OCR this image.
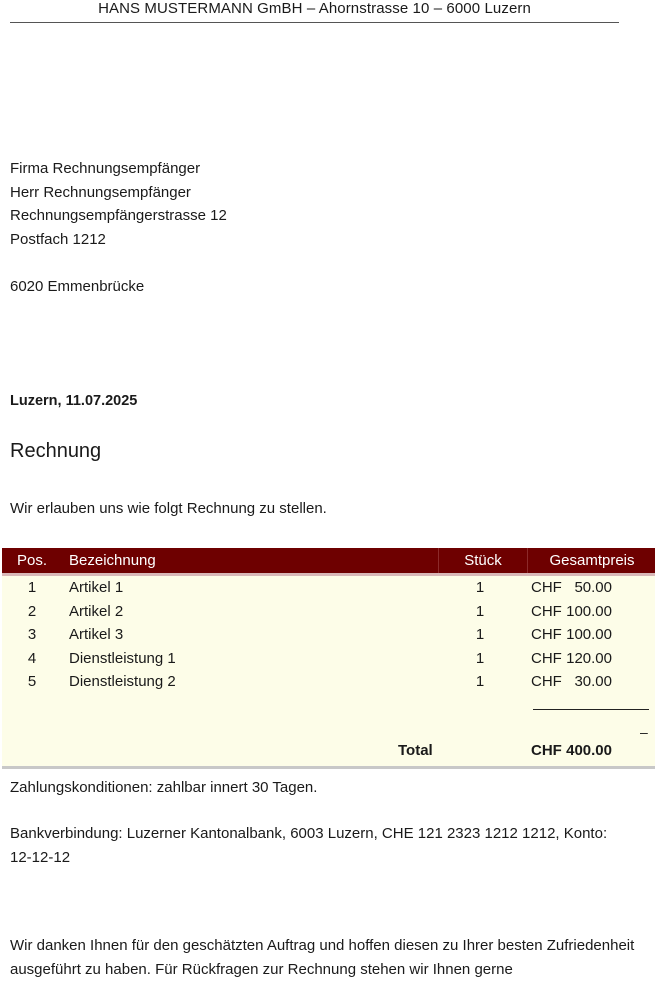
HANS MUSTERMANN GmBH – Ahornstrasse 10 – 6000 Luzern
Firma Rechnungsempfänger
Herr Rechnungsempfänger
Rechnungsempfängerstrasse 12
Postfach 1212
6020 Emmenbrücke
Luzern, 11.07.2025
Rechnung
Wir erlauben uns wie folgt Rechnung zu stellen.
Pos. Bezeichnung	Stück	Gesamtpreis
1	Artikel 1	1	CHF 50.00
2	Artikel 2	1	CHF 100.00
3	Artikel 3	1	CHF 100.00
4	Dienstleistung 1	1	CHF 120.00
5	Dienstleistung 2	1	CHF 30.00
–
Total	CHF 400.00
Zahlungskonditionen: zahlbar innert 30 Tagen.
Bankverbindung: Luzerner Kantonalbank, 6003 Luzern, CHE 121 2323 1212 1212, Konto: 12-12-12
Wir danken Ihnen für den geschätzten Auftrag und hoffen diesen zu Ihrer besten Zufriedenheit ausgeführt zu haben. Für Rückfragen zur Rechnung stehen wir Ihnen gerne
